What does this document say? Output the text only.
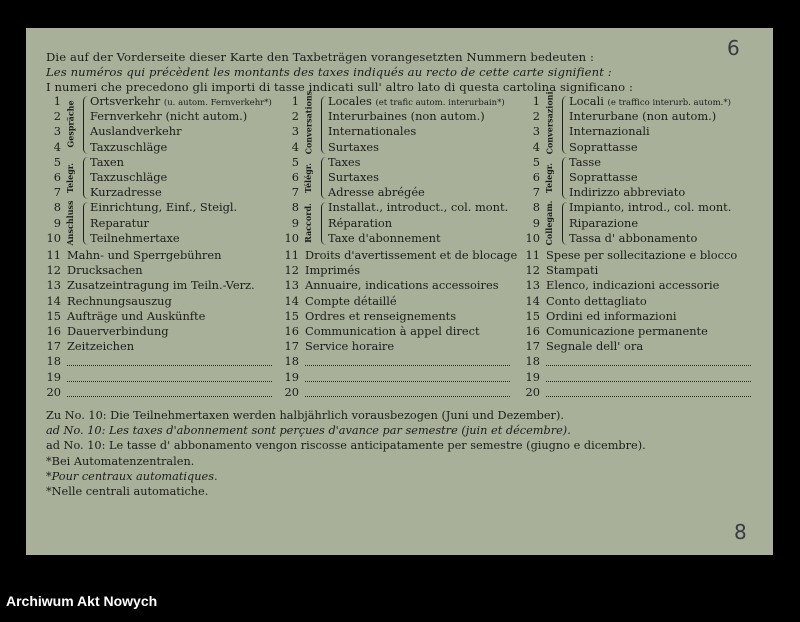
Die auf der Vorderseite dieser Karte den Taxbeträgen vorangesetzten Nummern bedeuten :
Les numéros qui précèdent les montants des taxes indiqués au recto de cette carte signifient :
I numeri che precedono gli importi di tasse indicati sull' altro lato di questa cartolina significano :
1	Ortsverkehr (u. autom. Fernverkehr*)
2	Fernverkehr (nicht autom.)
3	Auslandverkehr
4	Taxzuschläge
Gespräche
5	Taxen
6	Taxzuschläge
7	Kurzadresse
Telegr.
8	Einrichtung, Einf., Steigl.
9	Reparatur
10	Teilnehmertaxe
Anschluss
11 Mahn- und Sperrgebühren
12 Drucksachen
13 Zusatzeintragung im Teiln.-Verz.
14 Rechnungsauszug
15 Aufträge und Auskünfte
16 Dauerverbindung
17 Zeitzeichen
18
19
20
1	Locales (et trafic autom. interurbain*)
2	Interurbaines (non autom.)
3	Internationales
4	Surtaxes
Conversations
5	Taxes
6	Surtaxes
7	Adresse abrégée
Télégr.
8	Installat., introduct., col. mont.
9	Réparation
10	Taxe d'abonnement
Raccord.
11 Droits d'avertissement et de blocage
12 Imprimés
13 Annuaire, indications accessoires
14 Compte détaillé
15 Ordres et renseignements
16 Communication à appel direct
17 Service horaire
18
19
20
1	Locali (e traffico interurb. autom.*)
2	Interurbane (non autom.)
3	Internazionali
4	Soprattasse
Conversazioni
5	Tasse
6	Soprattasse
7	Indirizzo abbreviato
Telegr.
8	Impianto, introd., col. mont.
9	Riparazione
10	Tassa d' abbonamento
Collegam.
11 Spese per sollecitazione e blocco
12 Stampati
13 Elenco, indicazioni accessorie
14 Conto dettagliato
15 Ordini ed informazioni
16 Comunicazione permanente
17 Segnale dell' ora
18
19
20
Zu No. 10: Die Teilnehmertaxen werden halbjährlich vorausbezogen (Juni und Dezember).
ad No. 10: Les taxes d'abonnement sont perçues d'avance par semestre (juin et décembre).
ad No. 10: Le tasse d' abbonamento vengon riscosse anticipatamente per semestre (giugno e dicembre).
*Bei Automatenzentralen.
*Pour centraux automatiques.
*Nelle centrali automatiche.
6
8
Archiwum Akt Nowych
